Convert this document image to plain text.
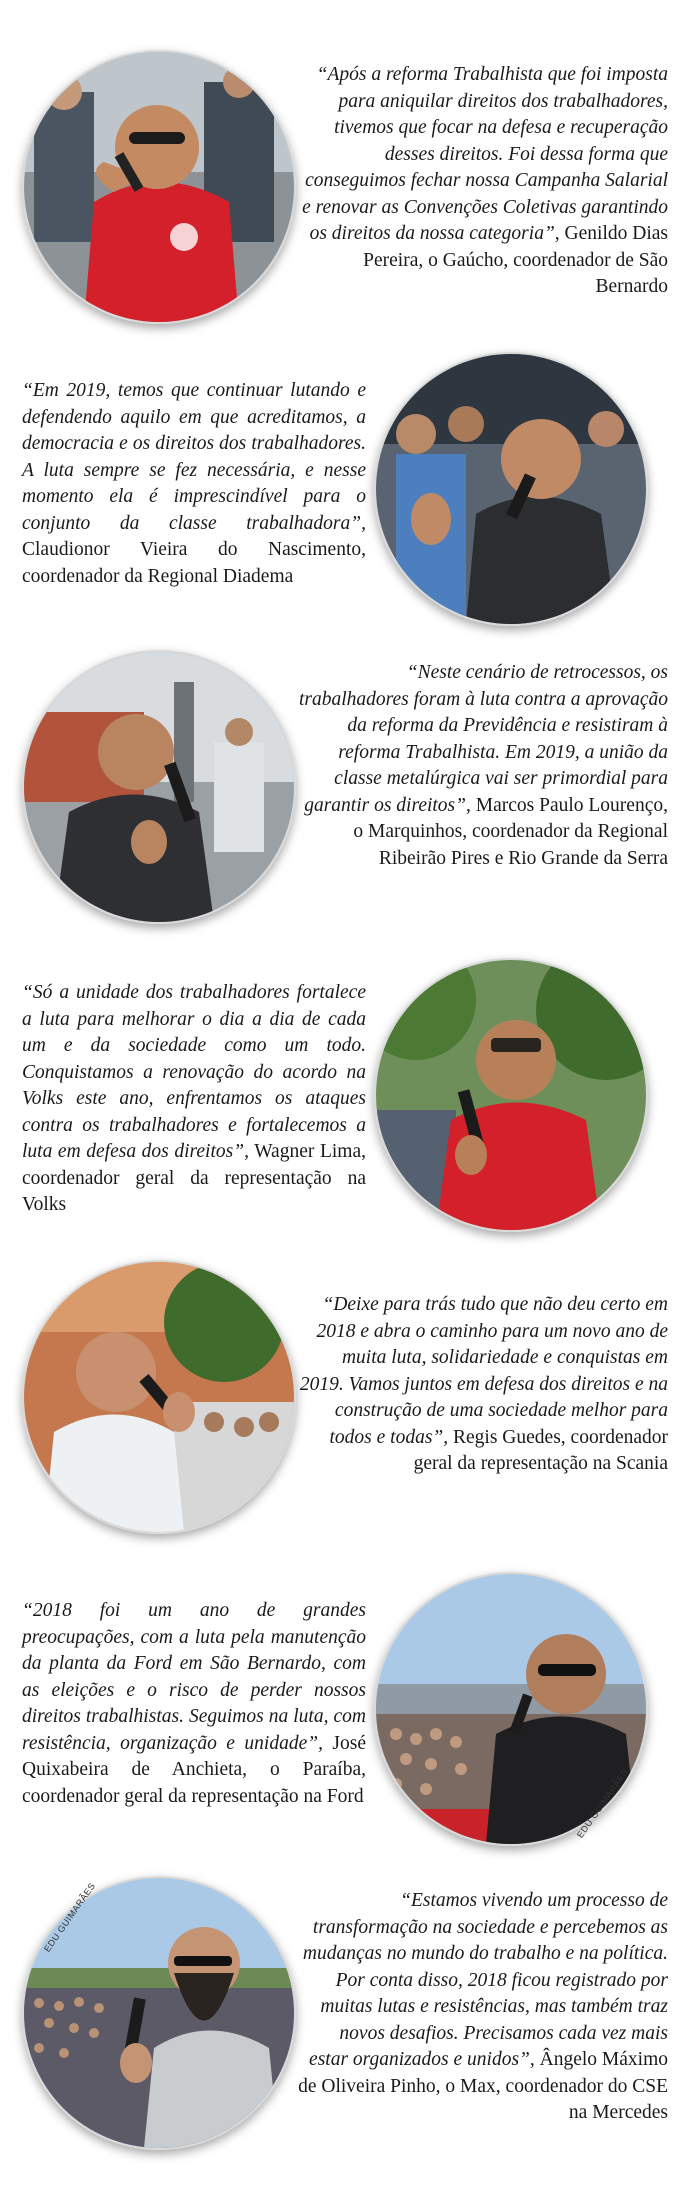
“Após a reforma Trabalhista que foi imposta para aniquilar direitos dos trabalhadores, tivemos que focar na defesa e recuperação desses direitos. Foi dessa forma que conseguimos fechar nossa Campanha Salarial e renovar as Convenções Coletivas garantindo os direitos da nossa categoria”, Genildo Dias Pereira, o Gaúcho, coordenador de São Bernardo
“Em 2019, temos que continuar lutando e defendendo aquilo em que acreditamos, a democracia e os direitos dos trabalhadores. A luta sempre se fez necessária, e nesse momento ela é imprescindível para o conjunto da classe trabalhadora”, Claudionor Vieira do Nascimento, coordenador da Regional Diadema
“Neste cenário de retrocessos, os trabalhadores foram à luta contra a aprovação da reforma da Previdência e resistiram à reforma Trabalhista. Em 2019, a união da classe metalúrgica vai ser primordial para garantir os direitos”, Marcos Paulo Lourenço, o Marquinhos, coordenador da Regional Ribeirão Pires e Rio Grande da Serra
“Só a unidade dos trabalhadores fortalece a luta para melhorar o dia a dia de cada um e da sociedade como um todo. Conquistamos a renovação do acordo na Volks este ano, enfrentamos os ataques contra os trabalhadores e fortalecemos a luta em defesa dos direitos”, Wagner Lima, coordenador geral da representação na Volks
“Deixe para trás tudo que não deu certo em 2018 e abra o caminho para um novo ano de muita luta, solidariedade e conquistas em 2019. Vamos juntos em defesa dos direitos e na construção de uma sociedade melhor para todos e todas”, Regis Guedes, coordenador geral da representação na Scania
“2018 foi um ano de grandes preocupações, com a luta pela manutenção da planta da Ford em São Bernardo, com as eleições e o risco de perder nossos direitos trabalhistas. Seguimos na luta, com resistência, organização e unidade”, José Quixabeira de Anchieta, o Paraíba, coordenador geral da representação na Ford	EDU GUIMARÃES
EDU GUIMARÃES	“Estamos vivendo um processo de transformação na sociedade e percebemos as mudanças no mundo do trabalho e na política. Por conta disso, 2018 ficou registrado por muitas lutas e resistências, mas também traz novos desafios. Precisamos cada vez mais estar organizados e unidos”, Ângelo Máximo de Oliveira Pinho, o Max, coordenador do CSE na Mercedes
